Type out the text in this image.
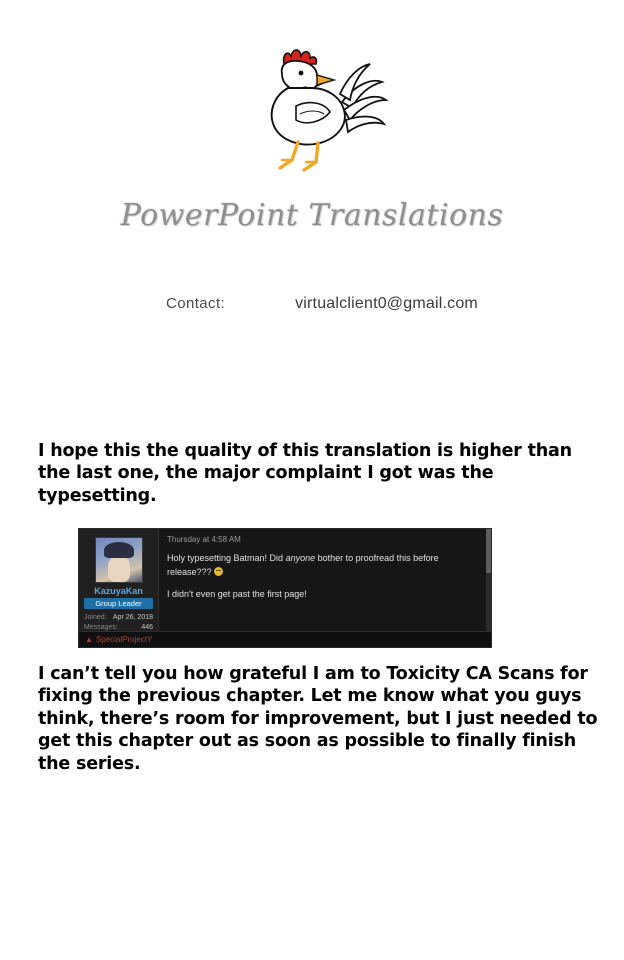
PowerPoint Translations
Contact:	virtualclient0@gmail.com
I hope this the quality of this translation is higher than the last one, the major complaint I got was the typesetting.
KazuyaKan
Group Leader
Joined: Apr 26, 2018
Messages:	446
Thursday at 4:58 AM
Holy typesetting Batman! Did anyone bother to proofread this before release???
I didn't even get past the first page!
▲ SpecialProjectY
I can’t tell you how grateful I am to Toxicity CA Scans for fixing the previous chapter. Let me know what you guys think, there’s room for improvement, but I just needed to get this chapter out as soon as possible to finally finish the series.
